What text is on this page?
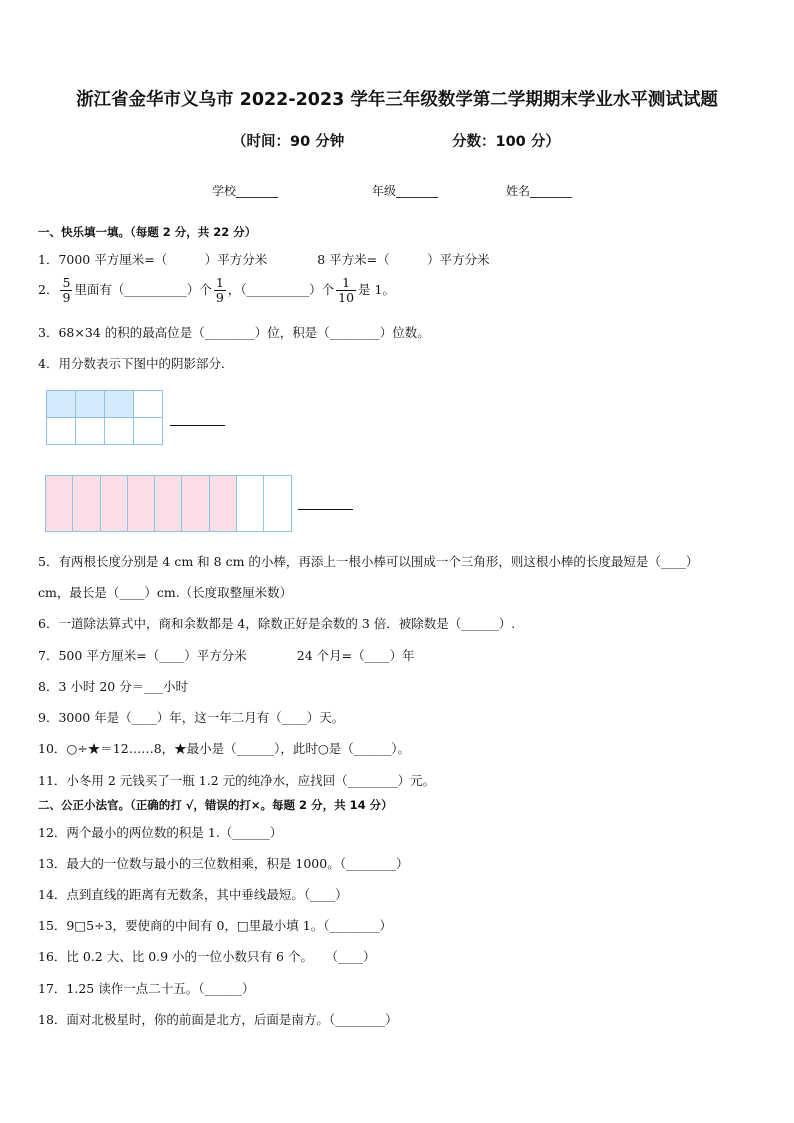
浙江省金华市义乌市 2022-2023 学年三年级数学第二学期期末学业水平测试试题
（时间：90 分钟	分数：100 分）
学校_______	年级_______	姓名_______
一、快乐填一填。（每题 2 分，共 22 分）
1．7000 平方厘米=（　　　）平方分米　　　　8 平方米=（　　　）平方分米
2． $\frac{5}{9}$ 里面有（__________）个 $\frac{1}{9}$ ，（__________）个 $\frac{1}{10}$ 是 1。
3．68×34 的积的最高位是（________）位，积是（________）位数。
4．用分数表示下图中的阴影部分．
5．有两根长度分别是 4 cm 和 8 cm 的小棒，再添上一根小棒可以围成一个三角形，则这根小棒的长度最短是（____）
cm，最长是（____）cm.（长度取整厘米数）
6．一道除法算式中，商和余数都是 4，除数正好是余数的 3 倍．被除数是（______）.
7．500 平方厘米=（____）平方分米　　　　24 个月=（____）年
8．3 小时 20 分＝___小时
9．3000 年是（____）年，这一年二月有（____）天。
10．○÷★＝12……8，★最小是（______），此时○是（______）。
11．小冬用 2 元钱买了一瓶 1.2 元的纯净水，应找回（________）元。
二、公正小法官。（正确的打 √，错误的打×。每题 2 分，共 14 分）
12．两个最小的两位数的积是 1.（______）
13．最大的一位数与最小的三位数相乘，积是 1000。（________）
14．点到直线的距离有无数条，其中垂线最短。（____）
15．9□5÷3，要使商的中间有 0，□里最小填 1。（________）
16．比 0.2 大、比 0.9 小的一位小数只有 6 个。　　（____）
17．1.25 读作一点二十五。（______）
18．面对北极星时，你的前面是北方，后面是南方。（________）
